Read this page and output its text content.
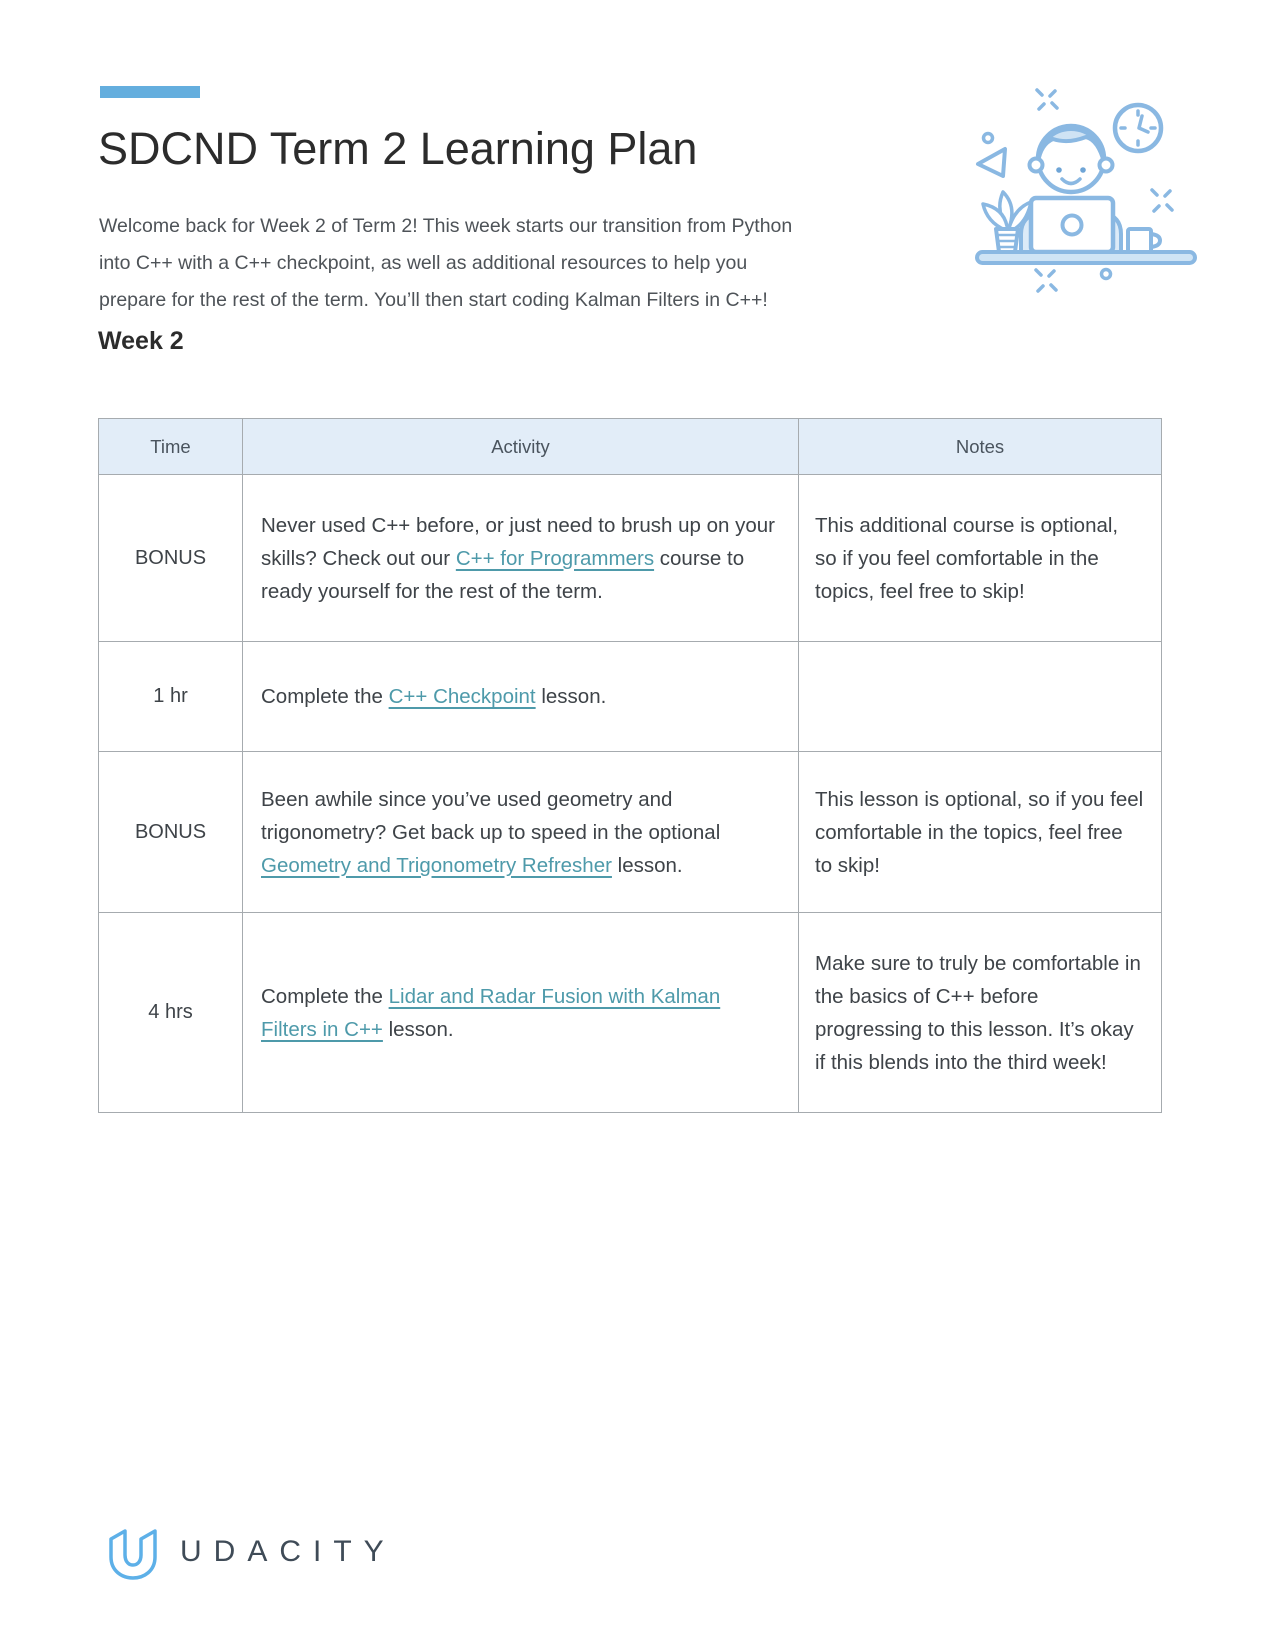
SDCND Term 2 Learning Plan
Welcome back for Week 2 of Term 2! This week starts our transition from Python
into C++ with a C++ checkpoint, as well as additional resources to help you
prepare for the rest of the term. You’ll then start coding Kalman Filters in C++!
Week 2
Time	Activity	Notes
BONUS	Never used C++ before, or just need to brush up on your skills? Check out our C++ for Programmers course to ready yourself for the rest of the term.	This additional course is optional, so if you feel comfortable in the topics, feel free to skip!

1 hr	Complete the C++ Checkpoint lesson.	

BONUS	Been awhile since you’ve used geometry and trigonometry? Get back up to speed in the optional Geometry and Trigonometry Refresher lesson.	This lesson is optional, so if you feel comfortable in the topics, feel free to skip!

4 hrs	Complete the Lidar and Radar Fusion with Kalman Filters in C++ lesson.	Make sure to truly be comfortable in the basics of C++ before progressing to this lesson. It’s okay if this blends into the third week!

UDACITY
